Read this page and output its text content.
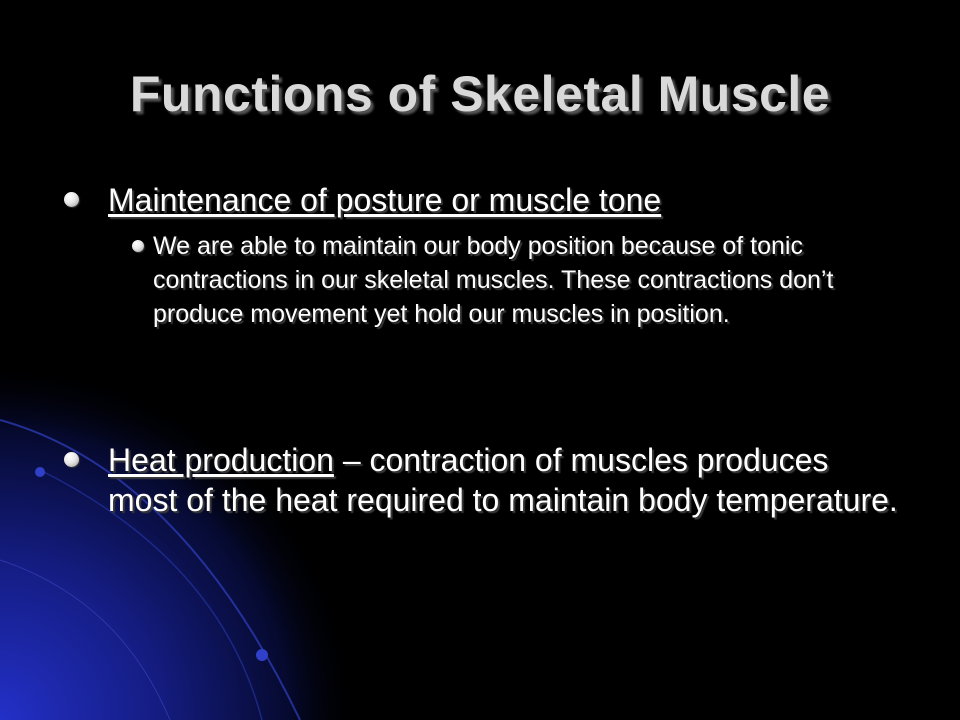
Functions of Skeletal Muscle
Maintenance of posture or muscle tone
We are able to maintain our body position because of tonic contractions in our skeletal muscles. These contractions don’t produce movement yet hold our muscles in position.
Heat production – contraction of muscles produces most of the heat required to maintain body temperature.
